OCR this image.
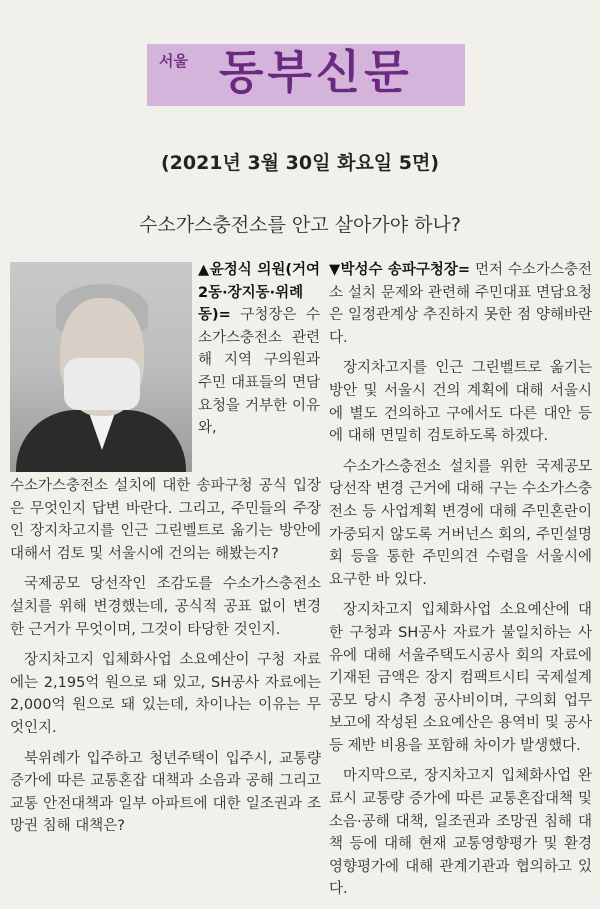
서울 동부신문
(2021년 3월 30일 화요일 5면)
수소가스충전소를 안고 살아가야 하나?

▲윤정식 의원(거여2동·장지동·위례동)= 구청장은 수소가스충전소 관련해 지역 구의원과 주민 대표들의 면담요청을 거부한 이유와,

수소가스충전소 설치에 대한 송파구청 공식 입장은 무엇인지 답변 바란다. 그리고, 주민들의 주장인 장지차고지를 인근 그린벨트로 옮기는 방안에 대해서 검토 및 서울시에 건의는 해봤는지?

국제공모 당선작인 조감도를 수소가스충전소 설치를 위해 변경했는데, 공식적 공표 없이 변경한 근거가 무엇이며, 그것이 타당한 것인지.

장지차고지 입체화사업 소요예산이 구청 자료에는 2,195억 원으로 돼 있고, SH공사 자료에는 2,000억 원으로 돼 있는데, 차이나는 이유는 무엇인지.

북위례가 입주하고 청년주택이 입주시, 교통량 증가에 따른 교통혼잡 대책과 소음과 공해 그리고 교통 안전대책과 일부 아파트에 대한 일조권과 조망권 침해 대책은?

▼박성수 송파구청장= 먼저 수소가스충전소 설치 문제와 관련해 주민대표 면담요청은 일정관계상 추진하지 못한 점 양해바란다.

장지차고지를 인근 그린벨트로 옮기는 방안 및 서울시 건의 계획에 대해 서울시에 별도 건의하고 구에서도 다른 대안 등에 대해 면밀히 검토하도록 하겠다.

수소가스충전소 설치를 위한 국제공모당선작 변경 근거에 대해 구는 수소가스충전소 등 사업계획 변경에 대해 주민혼란이 가중되지 않도록 거버넌스 회의, 주민설명회 등을 통한 주민의견 수렴을 서울시에 요구한 바 있다.

장지차고지 입체화사업 소요예산에 대한 구청과 SH공사 자료가 불일치하는 사유에 대해 서울주택도시공사 회의 자료에 기재된 금액은 장지 컴팩트시티 국제설계 공모 당시 추정 공사비이며, 구의회 업무보고에 작성된 소요예산은 용역비 및 공사 등 제반 비용을 포함해 차이가 발생했다.

마지막으로, 장지차고지 입체화사업 완료시 교통량 증가에 따른 교통혼잡대책 및 소음·공해 대책, 일조권과 조망권 침해 대책 등에 대해 현재 교통영향평가 및 환경영향평가에 대해 관계기관과 협의하고 있다.
